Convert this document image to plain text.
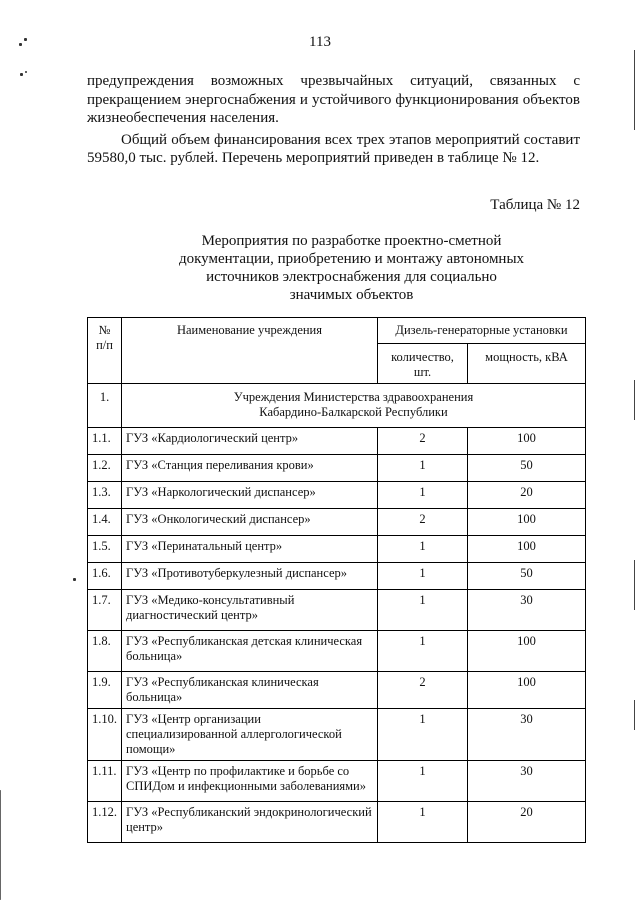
113

предупреждения возможных чрезвычайных ситуаций, связанных с прекращением энергоснабжения и устойчивого функционирования объектов жизнеобеспечения населения.

Общий объем финансирования всех трех этапов мероприятий составит 59580,0 тыс. рублей. Перечень мероприятий приведен в таблице № 12.

Таблица № 12
Мероприятия по разработке проектно-сметной
документации, приобретению и монтажу автономных
источников электроснабжения для социально
значимых объектов
№ п/п	Наименование учреждения	Дизель-генераторные установки	
		количество, шт.	мощность, кВА
1.	Учреждения Министерства здравоохранения
Кабардино-Балкарской Республики		

1.1.	ГУЗ «Кардиологический центр»	2	100
1.2.	ГУЗ «Станция переливания крови»	1	50
1.3.	ГУЗ «Наркологический диспансер»	1	20
1.4.	ГУЗ «Онкологический диспансер»	2	100
1.5.	ГУЗ «Перинатальный центр»	1	100
1.6.	ГУЗ «Противотуберкулезный диспансер»	1	50
1.7.	ГУЗ «Медико-консультативный диагностический центр»	1	30
1.8.	ГУЗ «Республиканская детская клиническая больница»	1	100
1.9.	ГУЗ «Республиканская клиническая больница»	2	100
1.10.	ГУЗ «Центр организации специализированной аллергологической помощи»	1	30
1.11.	ГУЗ «Центр по профилактике и борьбе со СПИДом и инфекционными заболеваниями»	1	30
1.12.	ГУЗ «Республиканский эндокринологический центр»	1	20
